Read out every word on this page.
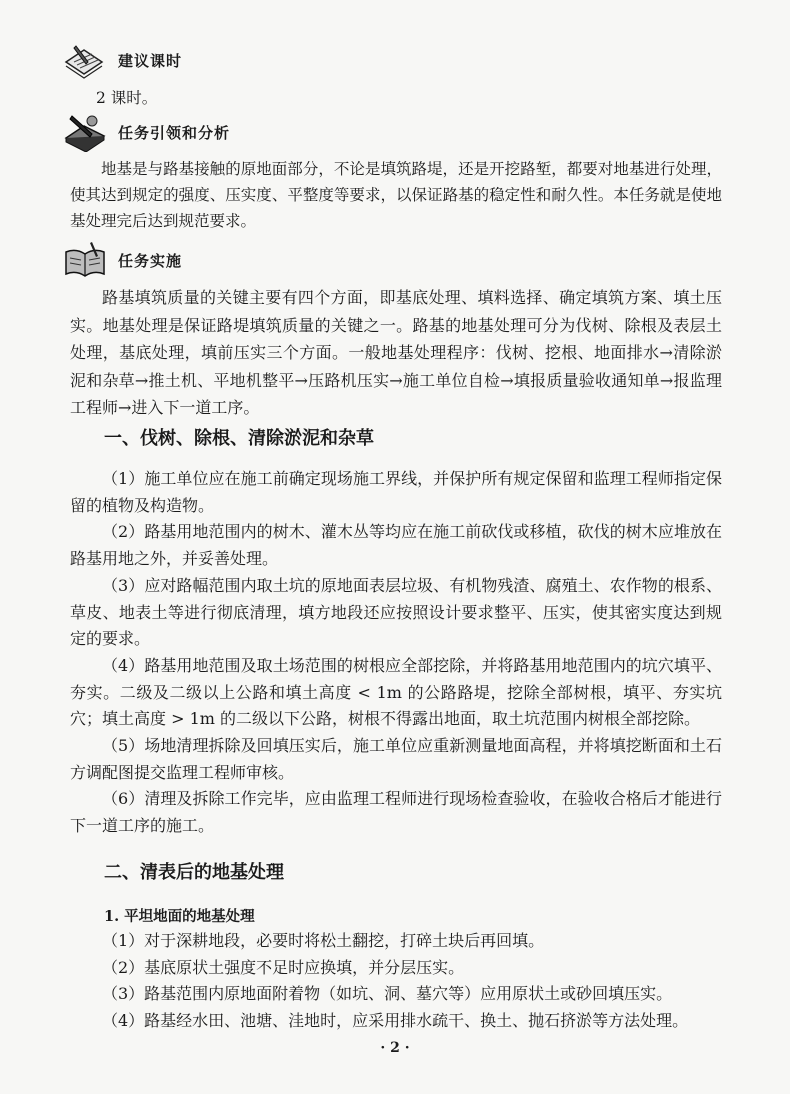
建议课时

2 课时。

任务引领和分析

地基是与路基接触的原地面部分，不论是填筑路堤，还是开挖路堑，都要对地基进行处理，使其达到规定的强度、压实度、平整度等要求，以保证路基的稳定性和耐久性。本任务就是使地基处理完后达到规范要求。

任务实施

路基填筑质量的关键主要有四个方面，即基底处理、填料选择、确定填筑方案、填土压实。地基处理是保证路堤填筑质量的关键之一。路基的地基处理可分为伐树、除根及表层土处理，基底处理，填前压实三个方面。一般地基处理程序：伐树、挖根、地面排水→清除淤泥和杂草→推土机、平地机整平→压路机压实→施工单位自检→填报质量验收通知单→报监理工程师→进入下一道工序。

一、伐树、除根、清除淤泥和杂草

（1）施工单位应在施工前确定现场施工界线，并保护所有规定保留和监理工程师指定保留的植物及构造物。

（2）路基用地范围内的树木、灌木丛等均应在施工前砍伐或移植，砍伐的树木应堆放在路基用地之外，并妥善处理。

（3）应对路幅范围内取土坑的原地面表层垃圾、有机物残渣、腐殖土、农作物的根系、草皮、地表土等进行彻底清理，填方地段还应按照设计要求整平、压实，使其密实度达到规定的要求。

（4）路基用地范围及取土场范围的树根应全部挖除，并将路基用地范围内的坑穴填平、夯实。二级及二级以上公路和填土高度 < 1m 的公路路堤，挖除全部树根，填平、夯实坑穴；填土高度 > 1m 的二级以下公路，树根不得露出地面，取土坑范围内树根全部挖除。

（5）场地清理拆除及回填压实后，施工单位应重新测量地面高程，并将填挖断面和土石方调配图提交监理工程师审核。

（6）清理及拆除工作完毕，应由监理工程师进行现场检查验收，在验收合格后才能进行下一道工序的施工。

二、清表后的地基处理
1. 平坦地面的地基处理

（1）对于深耕地段，必要时将松土翻挖，打碎土块后再回填。

（2）基底原状土强度不足时应换填，并分层压实。

（3）路基范围内原地面附着物（如坑、洞、墓穴等）应用原状土或砂回填压实。

（4）路基经水田、池塘、洼地时，应采用排水疏干、换土、抛石挤淤等方法处理。

· 2 ·
